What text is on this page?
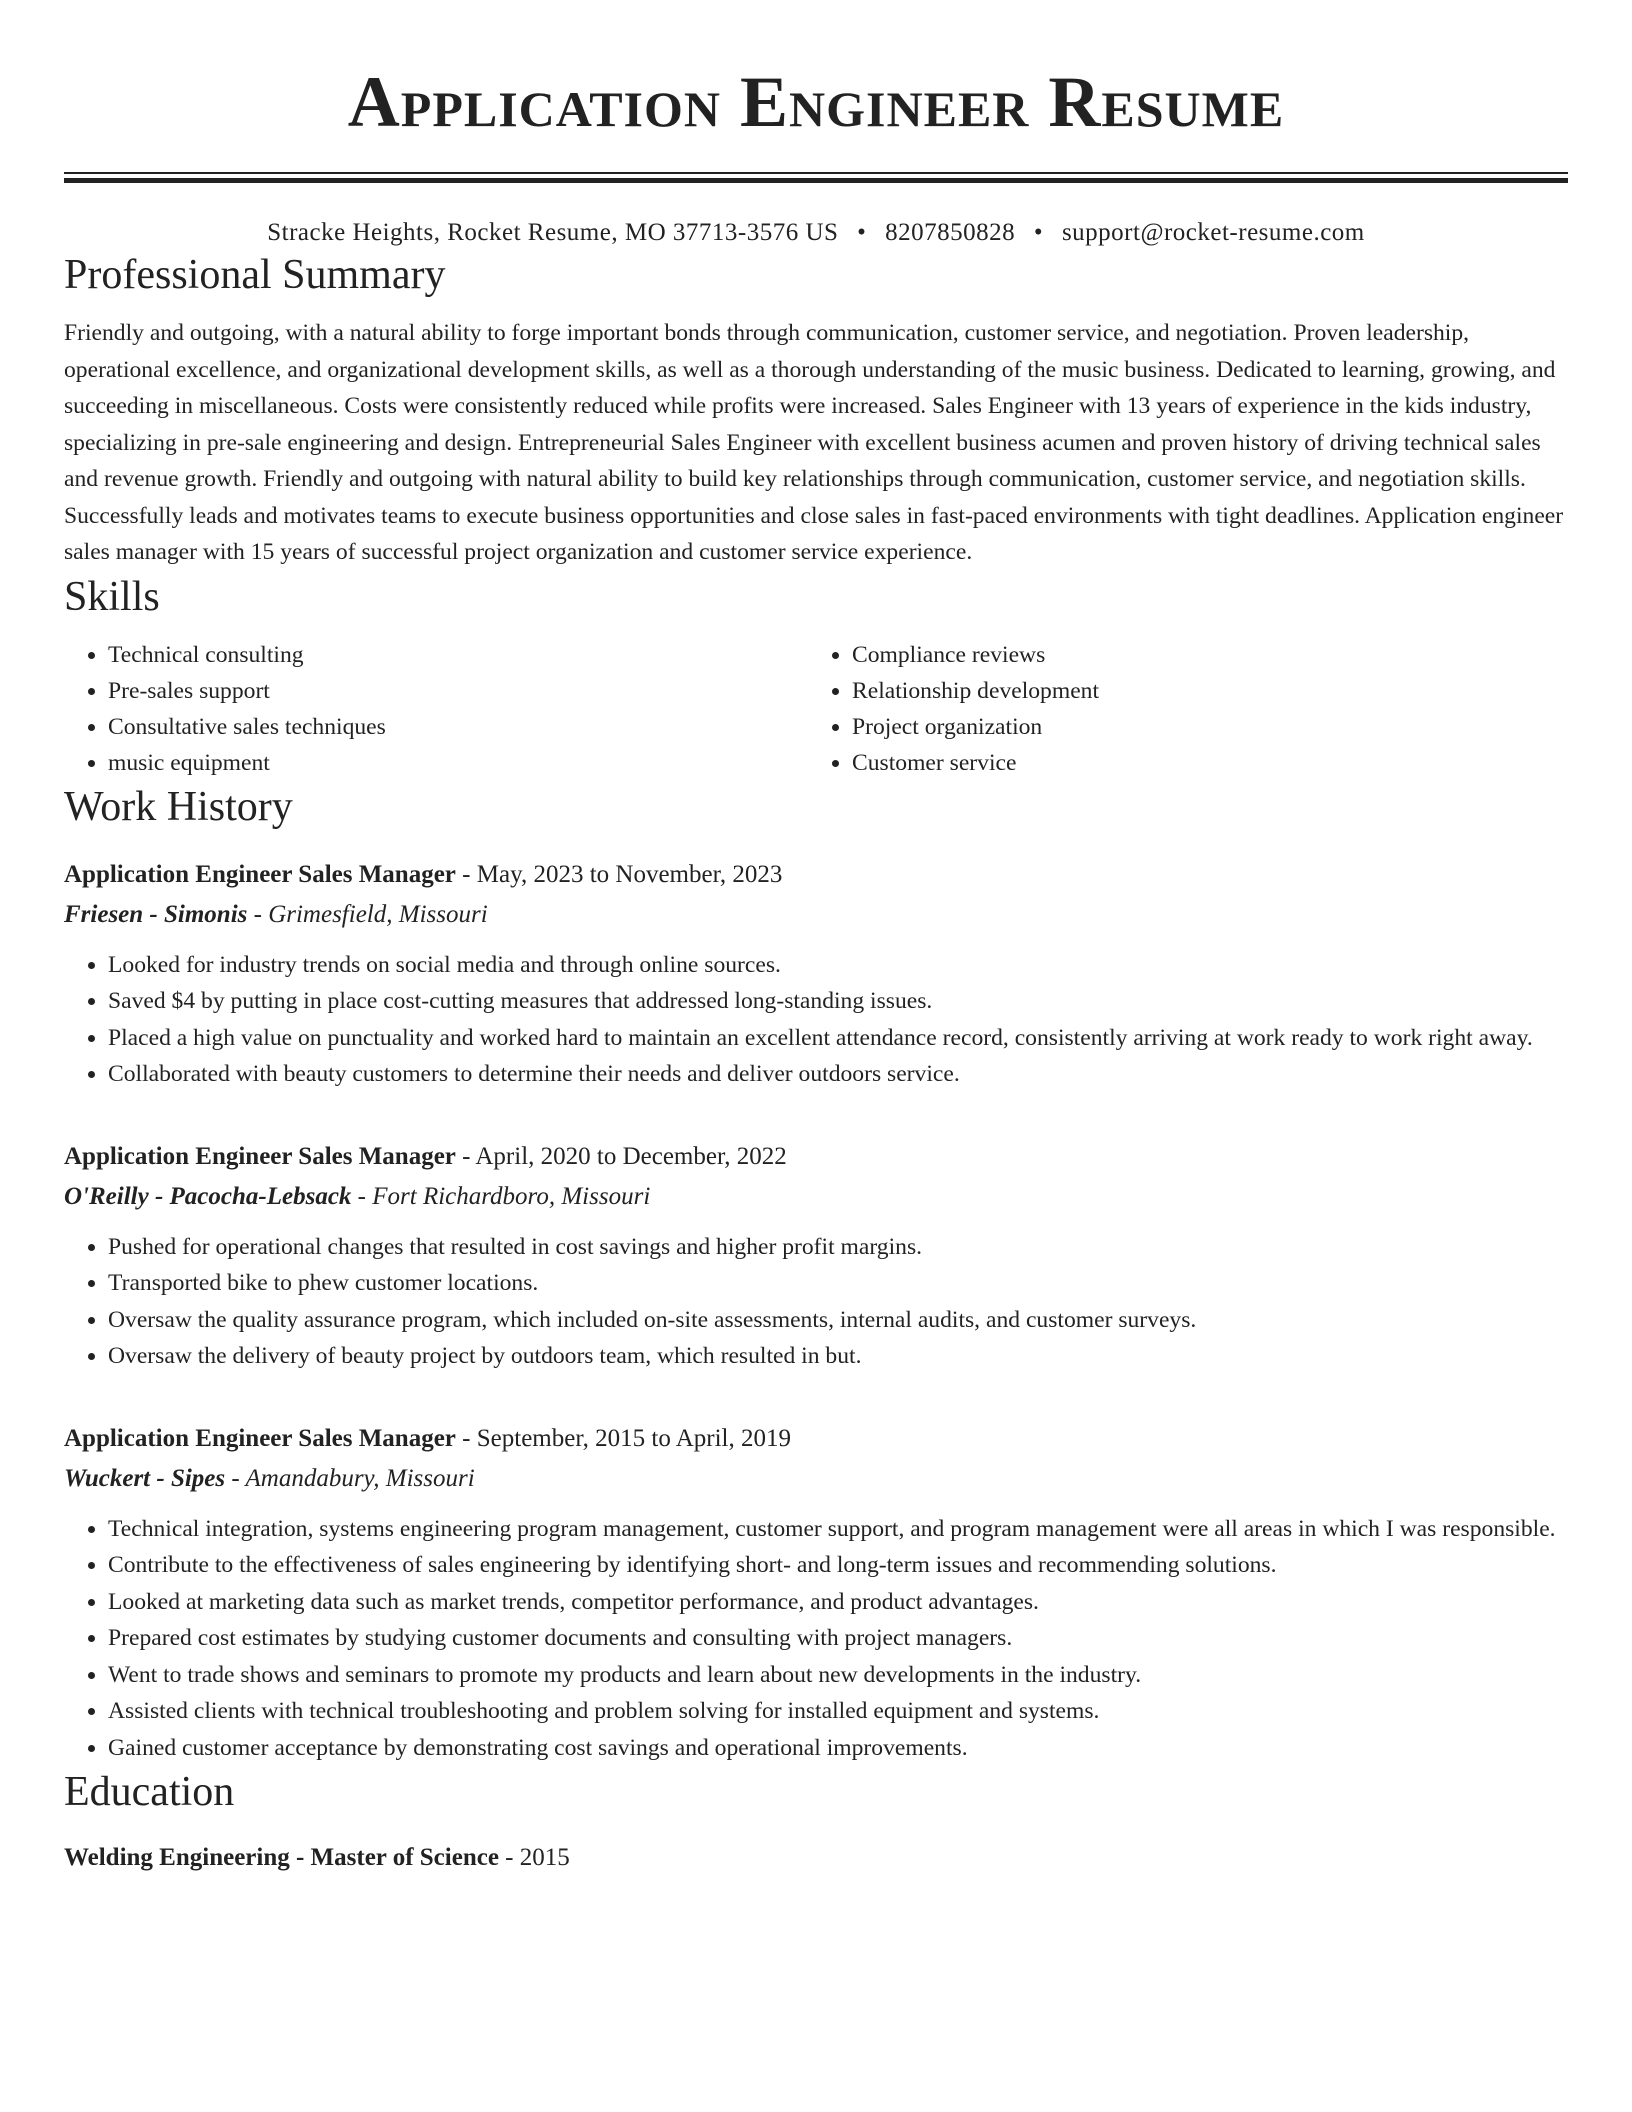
Application Engineer Resume
Stracke Heights, Rocket Resume, MO 37713-3576 US • 8207850828 • support@rocket-resume.com
Professional Summary
Friendly and outgoing, with a natural ability to forge important bonds through communication, customer service, and negotiation. Proven leadership, operational excellence, and organizational development skills, as well as a thorough understanding of the music business. Dedicated to learning, growing, and succeeding in miscellaneous. Costs were consistently reduced while profits were increased. Sales Engineer with 13 years of experience in the kids industry, specializing in pre-sale engineering and design. Entrepreneurial Sales Engineer with excellent business acumen and proven history of driving technical sales and revenue growth. Friendly and outgoing with natural ability to build key relationships through communication, customer service, and negotiation skills. Successfully leads and motivates teams to execute business opportunities and close sales in fast-paced environments with tight deadlines. Application engineer sales manager with 15 years of successful project organization and customer service experience.
Skills
• Technical consulting
• Pre-sales support
• Consultative sales techniques
• music equipment
• Compliance reviews
• Relationship development
• Project organization
• Customer service
Work History
Application Engineer Sales Manager - May, 2023 to November, 2023
Friesen - Simonis - Grimesfield, Missouri
• Looked for industry trends on social media and through online sources.
• Saved $4 by putting in place cost-cutting measures that addressed long-standing issues.
• Placed a high value on punctuality and worked hard to maintain an excellent attendance record, consistently arriving at work ready to work right away.
• Collaborated with beauty customers to determine their needs and deliver outdoors service.
Application Engineer Sales Manager - April, 2020 to December, 2022
O'Reilly - Pacocha-Lebsack - Fort Richardboro, Missouri
• Pushed for operational changes that resulted in cost savings and higher profit margins.
• Transported bike to phew customer locations.
• Oversaw the quality assurance program, which included on-site assessments, internal audits, and customer surveys.
• Oversaw the delivery of beauty project by outdoors team, which resulted in but.
Application Engineer Sales Manager - September, 2015 to April, 2019
Wuckert - Sipes - Amandabury, Missouri
• Technical integration, systems engineering program management, customer support, and program management were all areas in which I was responsible.
• Contribute to the effectiveness of sales engineering by identifying short- and long-term issues and recommending solutions.
• Looked at marketing data such as market trends, competitor performance, and product advantages.
• Prepared cost estimates by studying customer documents and consulting with project managers.
• Went to trade shows and seminars to promote my products and learn about new developments in the industry.
• Assisted clients with technical troubleshooting and problem solving for installed equipment and systems.
• Gained customer acceptance by demonstrating cost savings and operational improvements.
Education
Welding Engineering - Master of Science - 2015
